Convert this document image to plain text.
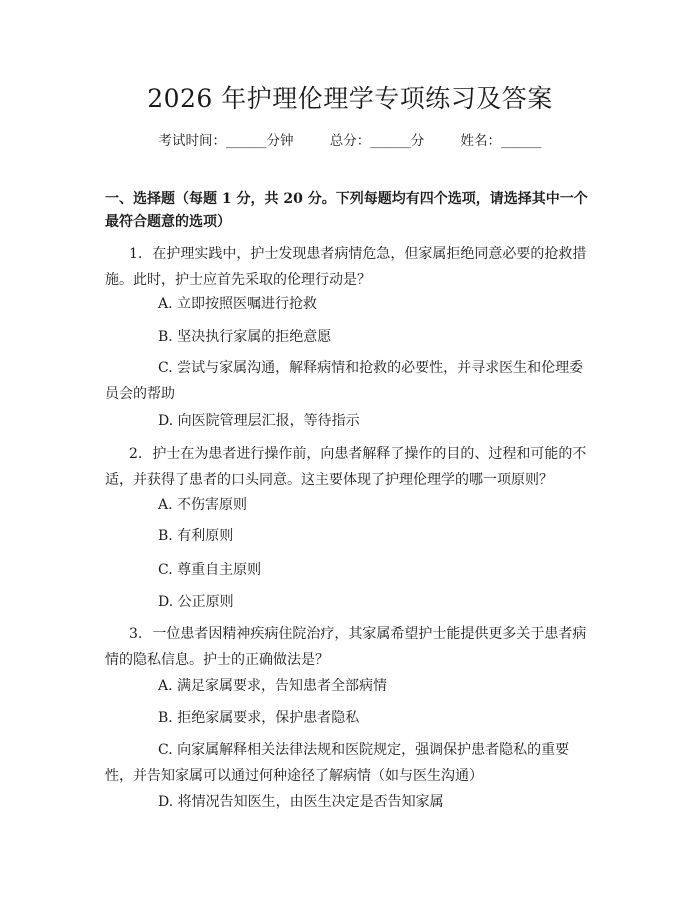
2026 年护理伦理学专项练习及答案
考试时间：______分钟	总分：______分	姓名：______

一、选择题（每题 1 分，共 20 分。下列每题均有四个选项，请选择其中一个最符合题意的选项）

1. 在护理实践中，护士发现患者病情危急，但家属拒绝同意必要的抢救措施。此时，护士应首先采取的伦理行动是？

A. 立即按照医嘱进行抢救
B. 坚决执行家属的拒绝意愿

C. 尝试与家属沟通，解释病情和抢救的必要性，并寻求医生和伦理委员会的帮助

D. 向医院管理层汇报，等待指示

2. 护士在为患者进行操作前，向患者解释了操作的目的、过程和可能的不适，并获得了患者的口头同意。这主要体现了护理伦理学的哪一项原则？

A. 不伤害原则
B. 有利原则
C. 尊重自主原则
D. 公正原则

3. 一位患者因精神疾病住院治疗，其家属希望护士能提供更多关于患者病情的隐私信息。护士的正确做法是？

A. 满足家属要求，告知患者全部病情
B. 拒绝家属要求，保护患者隐私

C. 向家属解释相关法律法规和医院规定，强调保护患者隐私的重要性，并告知家属可以通过何种途径了解病情（如与医生沟通）

D. 将情况告知医生，由医生决定是否告知家属
